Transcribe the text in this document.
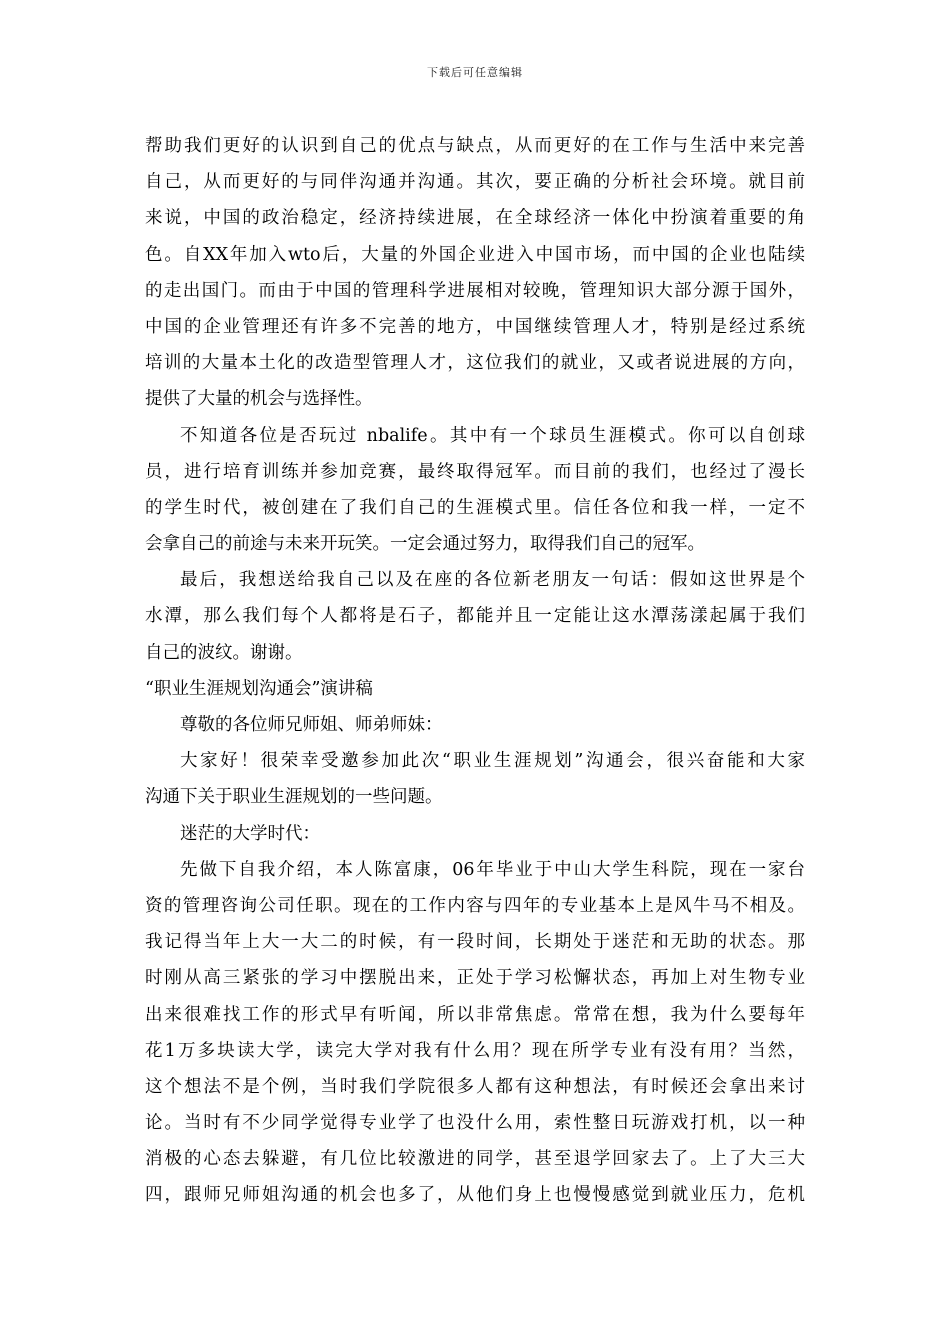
下载后可任意编辑
帮助我们更好的认识到自己的优点与缺点，从而更好的在工作与生活中来完善
自己，从而更好的与同伴沟通并沟通。其次，要正确的分析社会环境。就目前
来说，中国的政治稳定，经济持续进展，在全球经济一体化中扮演着重要的角
色。自XX年加入wto后，大量的外国企业进入中国市场，而中国的企业也陆续
的走出国门。而由于中国的管理科学进展相对较晚，管理知识大部分源于国外，
中国的企业管理还有许多不完善的地方，中国继续管理人才，特别是经过系统
培训的大量本土化的改造型管理人才，这位我们的就业，又或者说进展的方向，
提供了大量的机会与选择性。
不知道各位是否玩过 nbalife。其中有一个球员生涯模式。你可以自创球
员，进行培育训练并参加竞赛，最终取得冠军。而目前的我们，也经过了漫长
的学生时代，被创建在了我们自己的生涯模式里。信任各位和我一样，一定不
会拿自己的前途与未来开玩笑。一定会通过努力，取得我们自己的冠军。
最后，我想送给我自己以及在座的各位新老朋友一句话：假如这世界是个
水潭，那么我们每个人都将是石子，都能并且一定能让这水潭荡漾起属于我们
自己的波纹。谢谢。
“职业生涯规划沟通会”演讲稿
尊敬的各位师兄师姐、师弟师妹：
大家好！很荣幸受邀参加此次“职业生涯规划”沟通会，很兴奋能和大家
沟通下关于职业生涯规划的一些问题。
迷茫的大学时代：
先做下自我介绍，本人陈富康，06年毕业于中山大学生科院，现在一家台
资的管理咨询公司任职。现在的工作内容与四年的专业基本上是风牛马不相及。
我记得当年上大一大二的时候，有一段时间，长期处于迷茫和无助的状态。那
时刚从高三紧张的学习中摆脱出来，正处于学习松懈状态，再加上对生物专业
出来很难找工作的形式早有听闻，所以非常焦虑。常常在想，我为什么要每年
花1万多块读大学，读完大学对我有什么用？现在所学专业有没有用？当然，
这个想法不是个例，当时我们学院很多人都有这种想法，有时候还会拿出来讨
论。当时有不少同学觉得专业学了也没什么用，索性整日玩游戏打机，以一种
消极的心态去躲避，有几位比较激进的同学，甚至退学回家去了。上了大三大
四，跟师兄师姐沟通的机会也多了，从他们身上也慢慢感觉到就业压力，危机
